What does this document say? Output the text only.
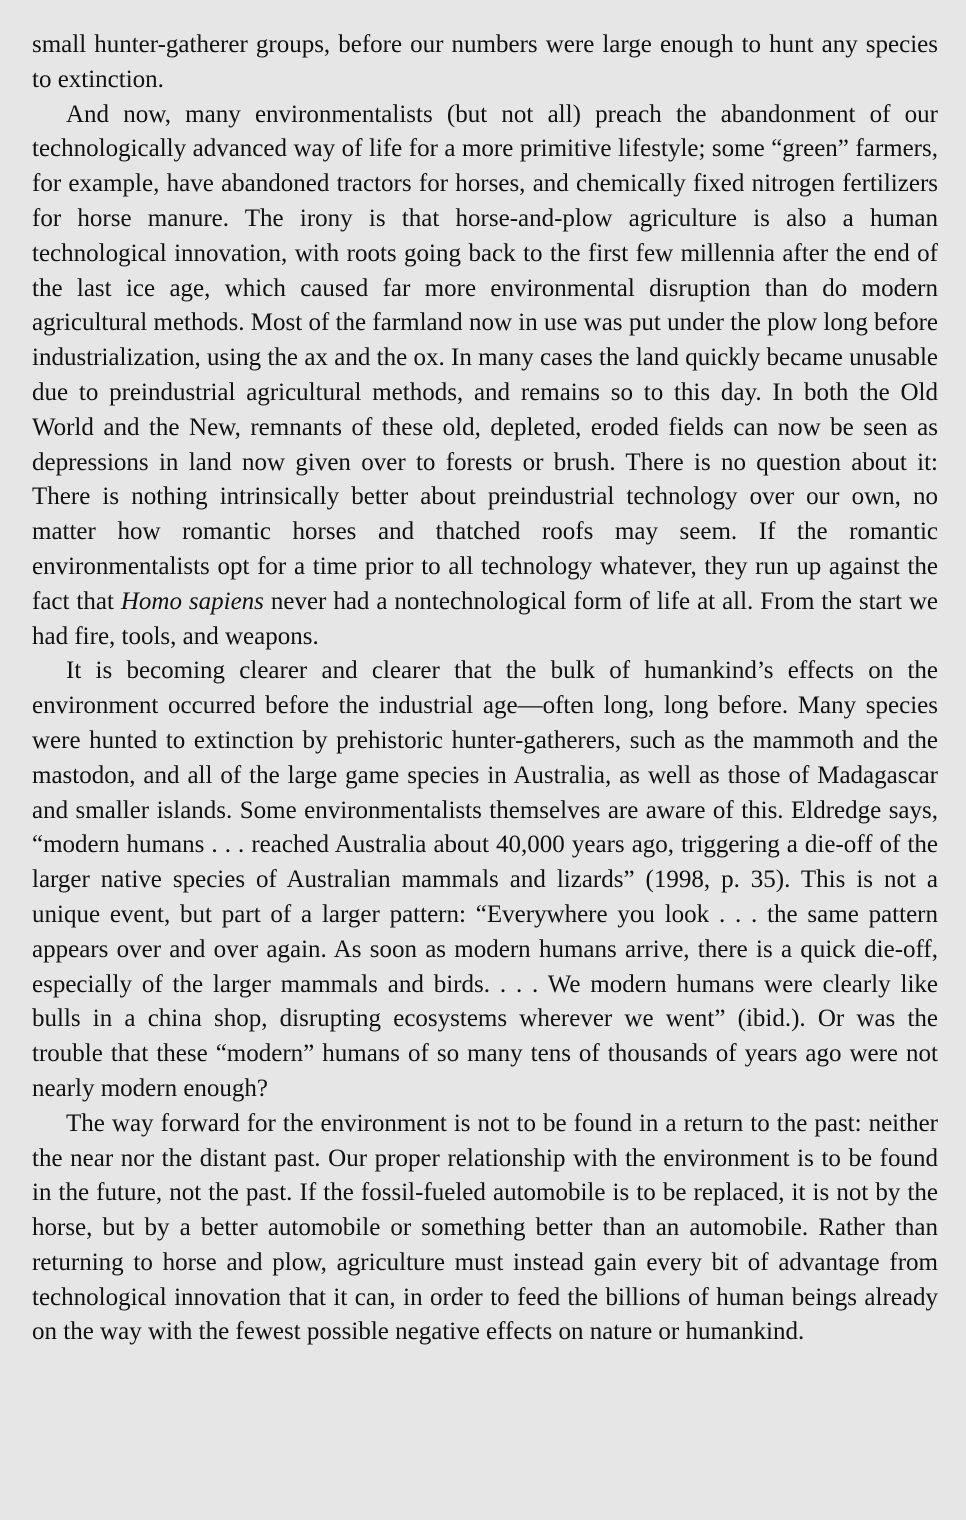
small hunter-gatherer groups, before our numbers were large enough to hunt any species to extinction.

And now, many environmentalists (but not all) preach the abandonment of our technologically advanced way of life for a more primitive lifestyle; some “green” farmers, for example, have abandoned tractors for horses, and chemically fixed nitrogen fertilizers for horse manure. The irony is that horse-and-plow agriculture is also a human technological innovation, with roots going back to the first few millennia after the end of the last ice age, which caused far more environmental disruption than do modern agricultural methods. Most of the farmland now in use was put under the plow long before industrialization, using the ax and the ox. In many cases the land quickly became unusable due to preindustrial agricultural methods, and remains so to this day. In both the Old World and the New, remnants of these old, depleted, eroded fields can now be seen as depressions in land now given over to forests or brush. There is no question about it: There is nothing intrinsically better about preindustrial technology over our own, no matter how romantic horses and thatched roofs may seem. If the romantic environmentalists opt for a time prior to all technology whatever, they run up against the fact that Homo sapiens never had a nontechnological form of life at all. From the start we had fire, tools, and weapons.

It is becoming clearer and clearer that the bulk of humankind’s effects on the environment occurred before the industrial age—often long, long before. Many species were hunted to extinction by prehistoric hunter-gatherers, such as the mammoth and the mastodon, and all of the large game species in Australia, as well as those of Madagascar and smaller islands. Some environmentalists themselves are aware of this. Eldredge says, “modern humans . . . reached Australia about 40,000 years ago, triggering a die-off of the larger native species of Australian mammals and lizards” (1998, p. 35). This is not a unique event, but part of a larger pattern: “Everywhere you look . . . the same pattern appears over and over again. As soon as modern humans arrive, there is a quick die-off, especially of the larger mammals and birds. . . . We modern humans were clearly like bulls in a china shop, disrupting ecosystems wherever we went” (ibid.). Or was the trouble that these “modern” humans of so many tens of thousands of years ago were not nearly modern enough?

The way forward for the environment is not to be found in a return to the past: neither the near nor the distant past. Our proper relationship with the environment is to be found in the future, not the past. If the fossil-fueled automobile is to be replaced, it is not by the horse, but by a better automobile or something better than an automobile. Rather than returning to horse and plow, agriculture must instead gain every bit of advantage from technological innovation that it can, in order to feed the billions of human beings already on the way with the fewest possible negative effects on nature or humankind.
